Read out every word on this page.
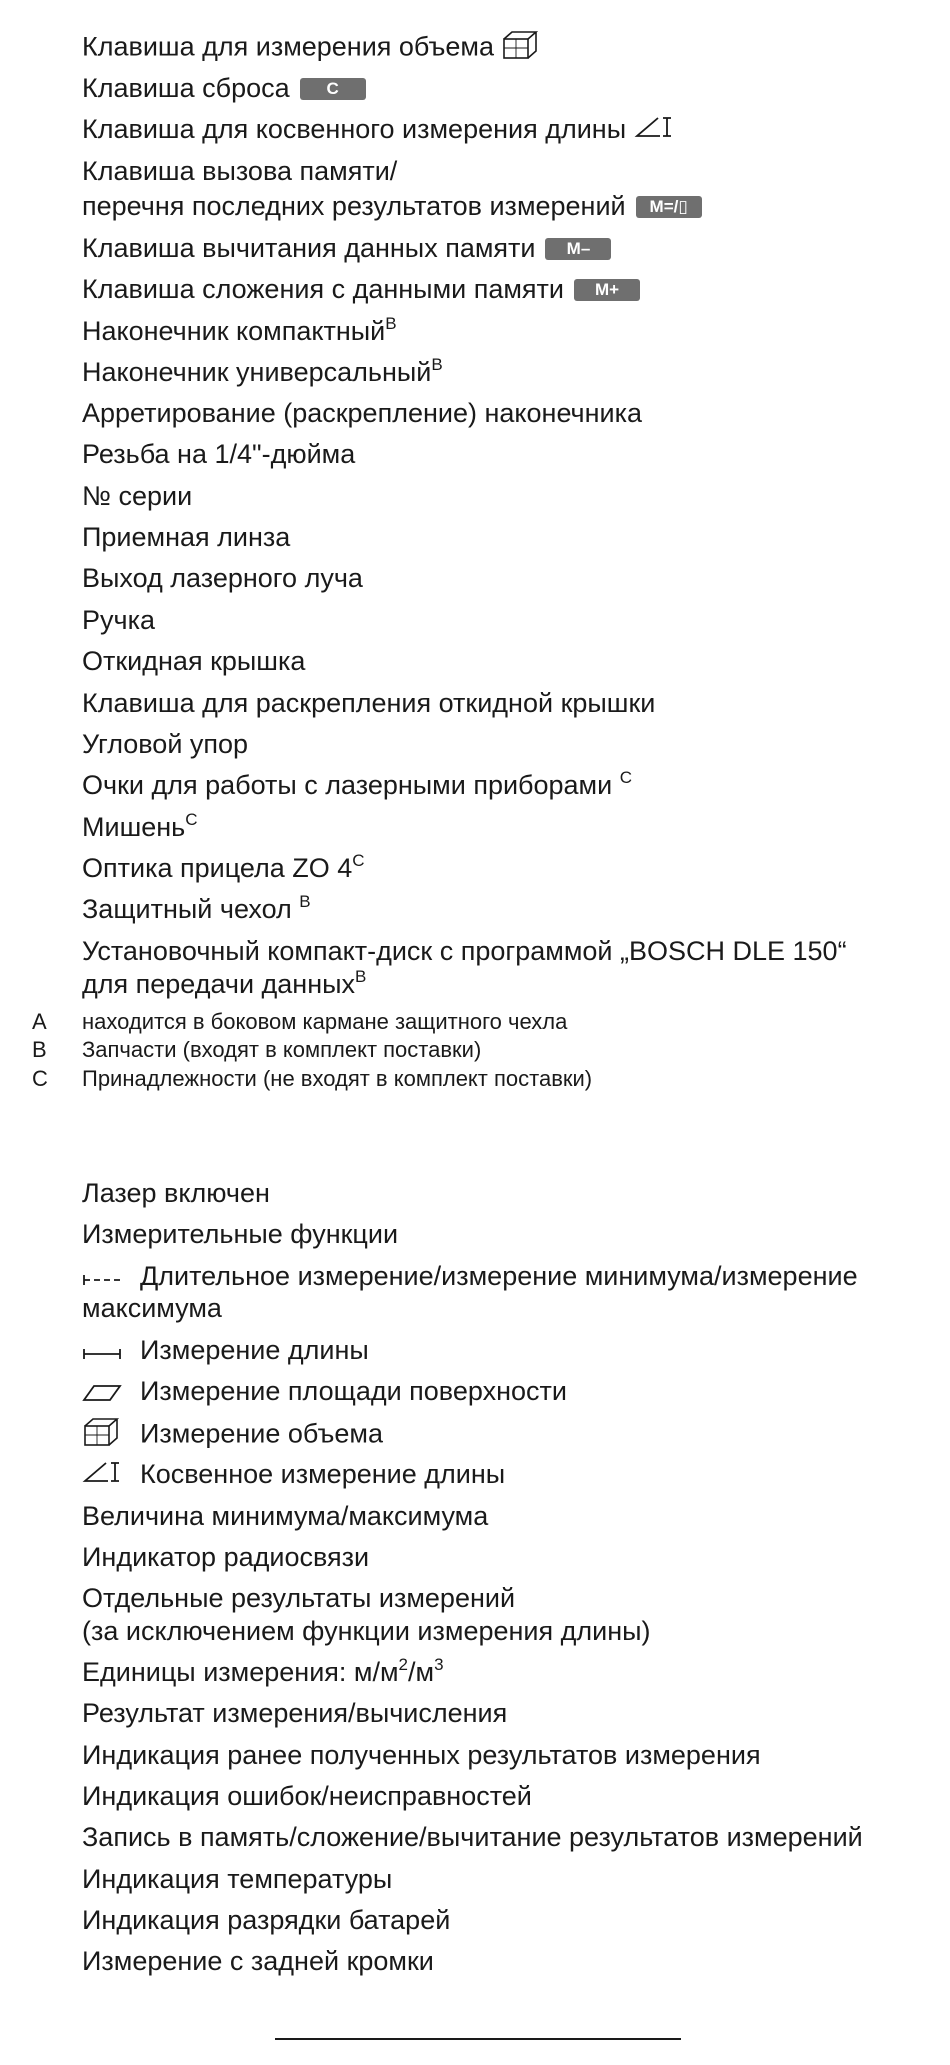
Клавиша для измерения объема
Клавиша сброса C
Клавиша для косвенного измерения длины
Клавиша вызова памяти/
перечня последних результатов измерений M=/▯
Клавиша вычитания данных памяти M–
Клавиша сложения с данными памяти M+
Наконечник компактный$^B$
Наконечник универсальный$^B$
Арретирование (раскрепление) наконечника
Резьба на 1/4"-дюйма
№ серии
Приемная линза
Выход лазерного луча
Ручка
Откидная крышка
Клавиша для раскрепления откидной крышки
Угловой упор
Очки для работы с лазерными приборами $^C$
Мишень$^C$
Оптика прицела ZO $4^C$
Защитный чехол $^B$
Установочный компакт-диск с программой „BOSCH DLE 150“
для передачи данных$^B$
A находится в боковом кармане защитного чехла
B Запчасти (входят в комплект поставки)
C Принадлежности (не входят в комплект поставки)
Лазер включен
Измерительные функции
Длительное измерение/измерение минимума/измерение
максимума
Измерение длины
Измерение площади поверхности
Измерение объема
Косвенное измерение длины
Величина минимума/максимума
Индикатор радиосвязи
Отдельные результаты измерений
(за исключением функции измерения длины)
Единицы измерения: $м/м^2/м^3$
Результат измерения/вычисления
Индикация ранее полученных результатов измерения
Индикация ошибок/неисправностей
Запись в память/сложение/вычитание результатов измерений
Индикация температуры
Индикация разрядки батарей
Измерение с задней кромки
